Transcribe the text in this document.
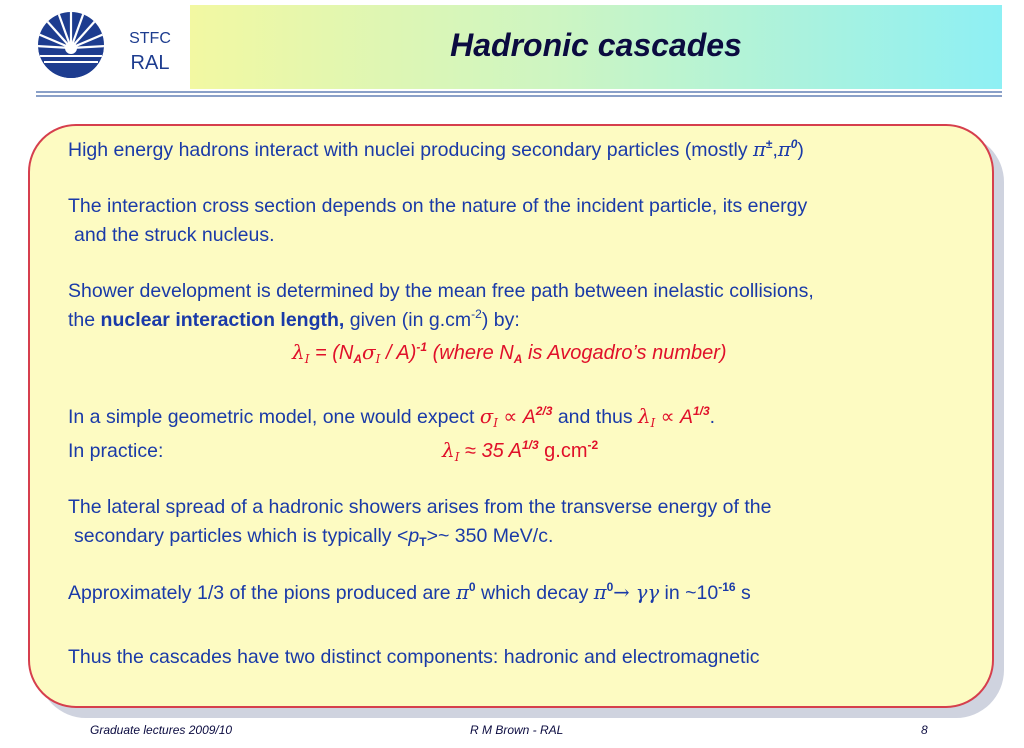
STFC
RAL	Hadronic cascades
High energy hadrons interact with nuclei producing secondary particles (mostly $\pi^\pm,\pi^0$)
The interaction cross section depends on the nature of the incident particle, its energy
and the struck nucleus.
Shower development is determined by the mean free path between inelastic collisions,
the nuclear interaction length, given (in $g.cm^{-2}$) by:
$\lambda_I = (N_A\sigma_I / A)^{-1}$ (where $N_A$ is Avogadro’s number)
In a simple geometric model, one would expect $\sigma_I \propto A^{2/3}$ and thus $\lambda_I \propto A^{1/3}$.
In practice:	$\lambda_I \approx 35$ $A^{1/3}$ $g.cm^{-2}$
The lateral spread of a hadronic showers arises from the transverse energy of the
secondary particles which is typically $<p_T>\sim$ 350 MeV/c.
Approximately 1/3 of the pions produced are $\pi^0$ which decay $\pi^0\to \gamma\gamma$ in $\sim 10^{-16}$ s
Thus the cascades have two distinct components: hadronic and electromagnetic
Graduate lectures 2009/10	R M Brown - RAL	8
